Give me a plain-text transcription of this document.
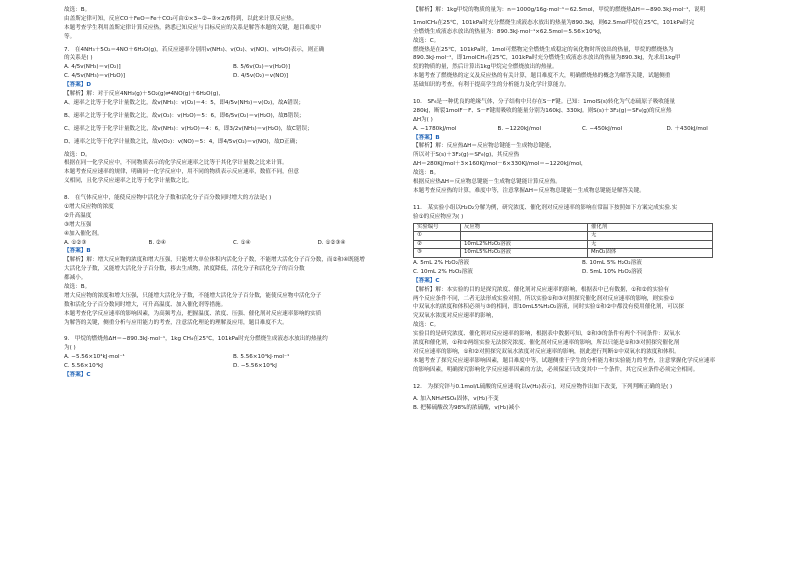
故选：B。
由盖斯定律可知，反应CO＋FeO＝Fe＋CO₂可由①×3−②−③×2/6得到，以此来计算反应热。
本题考查学生利用盖斯定律计算反应热，熟悉已知反应与目标反应的关系是解答本题的关键，题目难度中
等。
7． 在4NH₃＋5O₂＝4NO＋6H₂O(g)，若反应速率分别用v(NH₃)、v(O₂)、v(NO)、v(H₂O)表示，则正确
的关系是( )
A. 4/5v(NH₃)＝v(O₂)]	B. 5/6v(O₂)＝v(H₂O)]
C. 4/5v(NH₃)＝v(H₂O)]	D. 4/5v(O₂)＝v(NO)]
【答案】D
【解析】解：对于反应4NH₃(g)＋5O₂(g)⇌4NO(g)＋6H₂O(g)，
A、速率之比等于化学计量数之比，故v(NH₃)：v(O₂)＝4：5，即4/5v(NH₃)＝v(O₂)，故A错误；
B、速率之比等于化学计量数之比，故v(O₂)：v(H₂O)＝5：6，即6/5v(O₂)＝v(H₂O)，故B错误；
C、速率之比等于化学计量数之比，故v(NH₃)：v(H₂O)＝4：6，即3/2v(NH₃)＝v(H₂O)，故C错误；
D、速率之比等于化学计量数之比，故v(O₂)：v(NO)＝5：4，即4/5v(O₂)＝v(NO)，故D正确；
故选：D。
根据在同一化学反应中，不同物质表示的化学反应速率之比等于其化学计量数之比来计算。
本题考查反应速率的规律，明确同一化学反应中，用不同的物质表示反应速率，数值不同，但意
义相同，且化学反应速率之比等于化学计量数之比。
8． 在气体反应中，能使反应物中活化分子数和活化分子百分数同时增大的方法是( )
①增大反应物的浓度
②升高温度
③增大压强
④加入催化剂。
A. ①②③	B. ②④	C. ①④	D. ①②③④
【答案】B
【解析】解：增大反应物的浓度和增大压强，只能增大单位体积内活化分子数，不能增大活化分子百分数，而②和④既能增
大活化分子数，又能增大活化分子百分数，移去生成物，浓度降低，活化分子和活化分子的百分数
都减小。
故选：B。
增大反应物的浓度和增大压强，只能增大活化分子数，不能增大活化分子百分数，能使反应物中活化分子
数和活化分子百分数同时增大，可升高温度、加入催化剂等措施。
本题考查化学反应速率的影响因素，为高频考点，把握温度、浓度、压强、催化剂对反应速率影响的实质
为解答的关键，侧重分析与应用能力的考查，注意活化理论的理解及应用，题目难度不大。
9． 甲烷的燃烧热ΔH＝−890.3kJ·mol⁻¹，1kg CH₄在25℃，101kPa时充分燃烧生成液态水放出的热量约
为( )
A. −5.56×10⁴kJ·mol⁻¹	B. 5.56×10⁴kJ·mol⁻¹
C. 5.56×10⁴kJ	D. −5.56×10⁴kJ
【答案】C
【解析】解：1kg甲烷的物质的量为：n＝1000g/16g·mol⁻¹＝62.5mol，甲烷的燃烧热ΔH＝−890.3kJ·mol⁻¹，说明
1molCH₄在25℃，101kPa时充分燃烧生成液态水放出的热量为890.3kJ，则62.5mol甲烷在25℃，101kPa时完
全燃烧生成液态水放出的热量为：890.3kJ·mol⁻¹×62.5mol＝5.56×10⁴kJ，
故选：C。
燃烧热是在25℃，101kPa时，1mol可燃物完全燃烧生成稳定的氧化物时所放出的热量，甲烷的燃烧热为
890.3kJ·mol⁻¹，即1molCH₄在25℃，101kPa时充分燃烧生成液态水放出的热量为890.3kJ，先求出1kg甲
烷的物质的量，然后计算出1kg甲烷完全燃烧放出的热量。
本题考查了燃烧热的定义及反应热的有关计算，题目难度不大，明确燃烧热的概念为解答关键，试题侧重
基础知识的考查，有利于提高学生的分析能力及化学计算能力。
10． SF₆是一种优良的绝缘气体，分子结构中只存在S－F键。已知：1molS(s)转化为气态硫原子吸收能量
280kJ，断裂1molF－F、S－F键需吸收的能量分别为160kJ、330kJ。则S(s)＋3F₂(g)＝SF₆(g)的反应热
ΔH为( )
A. −1780kJ/mol	B. −1220kJ/mol	C. −450kJ/mol	D. ＋430kJ/mol
【答案】B
【解析】解：反应热ΔH＝反应物总键能－生成物总键能，
所以对于S(s)＋3F₂(g)＝SF₆(g)，其反应热
ΔH＝280KJ/mol＋3×160KJ/mol－6×330KJ/mol＝−1220kJ/mol，
故选：B。
根据反应热ΔH＝反应物总键能－生成物总键能计算反应热。
本题考查反应热的计算，难度中等，注意掌握ΔH＝反应物总键能－生成物总键能是解答关键。
11． 某实验小组以H₂O₂分解为例，研究浓度、催化剂对反应速率的影响在常温下按照如下方案完成实验.实
验①的反应物应为( )
实验编号	反应物	催化剂
①		无
②	10mL2%H₂O₂溶液	无
③	10mL5%H₂O₂溶液	MnO₂固体
A. 5mL 2% H₂O₂溶液	B. 10mL 5% H₂O₂溶液
C. 10mL 2% H₂O₂溶液	D. 5mL 10% H₂O₂溶液
【答案】C
【解析】解：本实验的目的是探究浓度、催化剂对反应速率的影响，根据表中已有数据，①和②的实验有
两个反应条件不同，二者无法形成实验对照，所以实验①和③对照探究催化剂对反应速率的影响，则实验①
中双氧水的浓度和体积必须与③的相同，即10mL5%H₂O₂溶液，同时实验①和②中都没有使用催化剂，可以探
究双氧水浓度对反应速率的影响，
故选：C。
实验目的是研究浓度、催化剂对反应速率的影响，根据表中数据可知，②和③的条件有两个不同条件：双氧水
浓度和催化剂，①和②两组实验无法探究浓度、催化剂对反应速率的影响，所以只能是①和③对照探究催化剂
对反应速率的影响，①和②对照探究双氧水浓度对反应速率的影响，据此进行判断①中双氧水的浓度和体积。
本题考查了探究反应速率影响因素，题目难度中等，试题侧重于学生的分析能力和实验能力的考查，注意掌握化学反应速率
的影响因素，明确探究影响化学反应速率因素的方法，必须保证只改变其中一个条件，其它反应条件必须完全相同。
12． 为探究锌与0.1mol/L硫酸的反应速率[以v(H₂)表示]，对反应物作出如下改变，下列判断正确的是( )
A. 加入NH₄HSO₄固体，v(H₂)不变
B. 把稀硫酸改为98%的浓硫酸，v(H₂)减小
